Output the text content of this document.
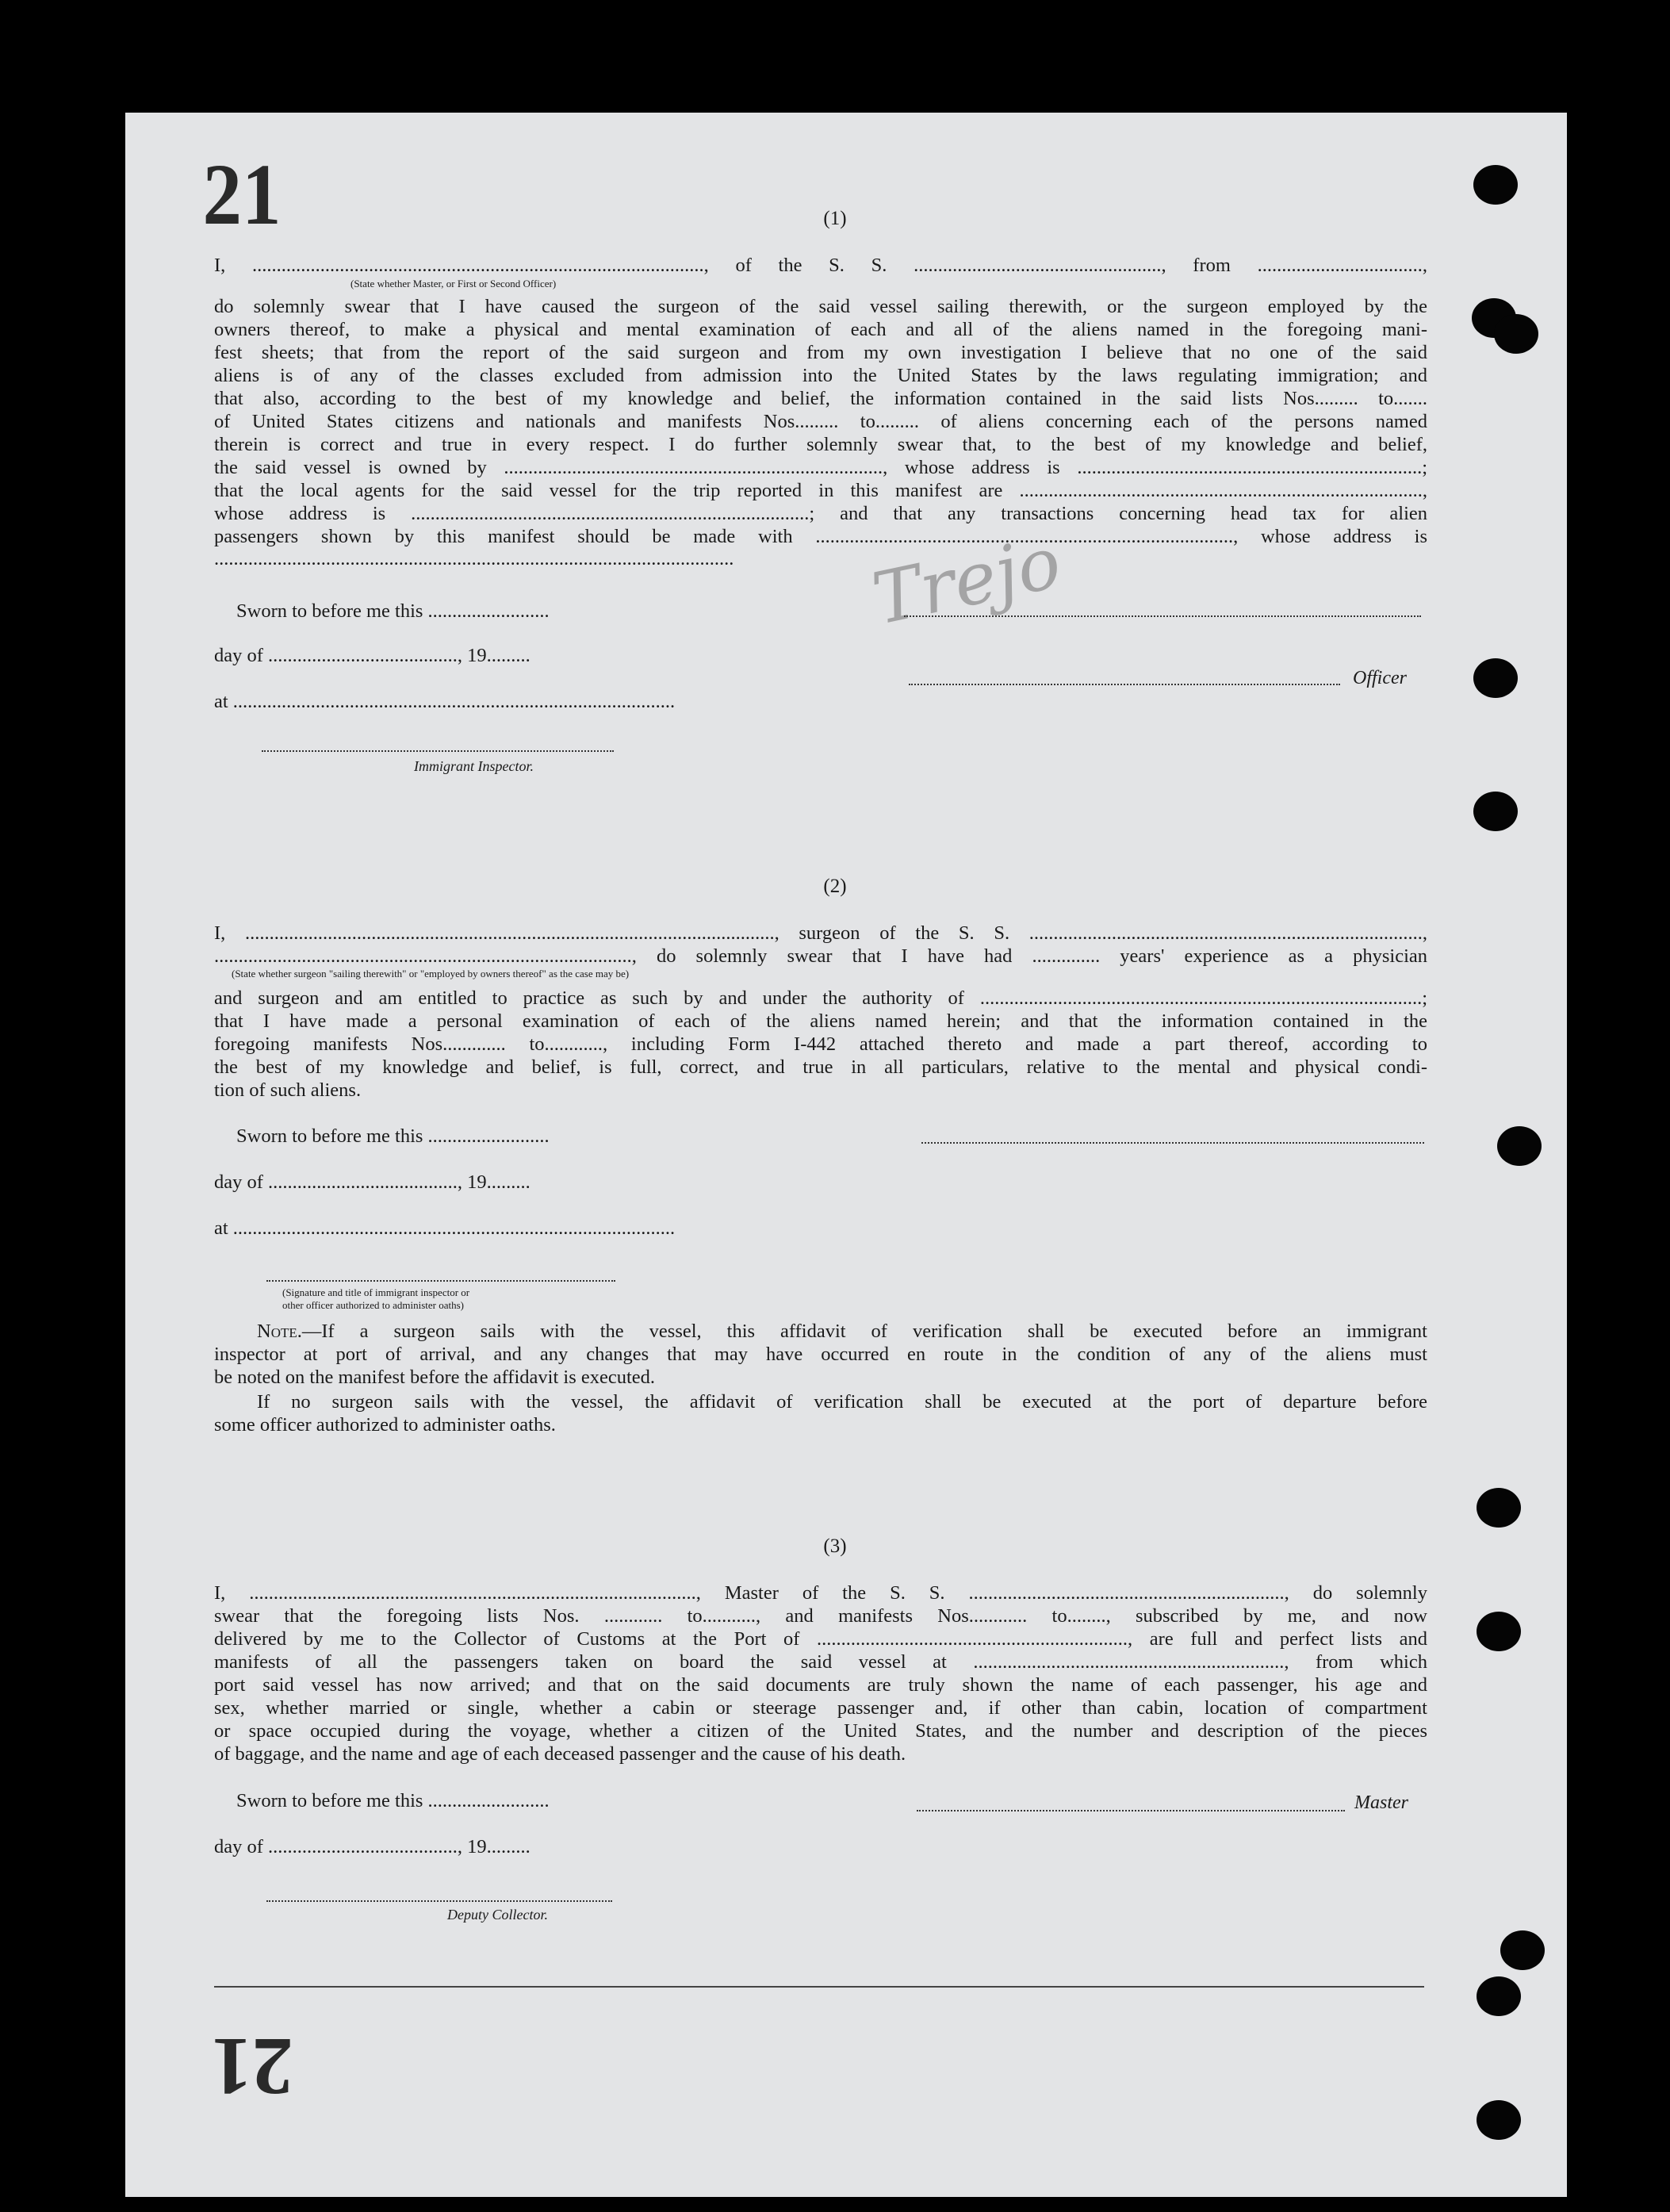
21
21
(1)
I, ............................................................................................., of the S. S. ..................................................., from ..................................,
(State whether Master, or First or Second Officer)
do solemnly swear that I have caused the surgeon of the said vessel sailing therewith, or the surgeon employed by the
owners thereof, to make a physical and mental examination of each and all of the aliens named in the foregoing mani-
fest sheets; that from the report of the said surgeon and from my own investigation I believe that no one of the said
aliens is of any of the classes excluded from admission into the United States by the laws regulating immigration; and
that also, according to the best of my knowledge and belief, the information contained in the said lists Nos......... to.......
of United States citizens and nationals and manifests Nos......... to......... of aliens concerning each of the persons named
therein is correct and true in every respect. I do further solemnly swear that, to the best of my knowledge and belief,
the said vessel is owned by .............................................................................., whose address is .......................................................................;
that the local agents for the said vessel for the trip reported in this manifest are ...................................................................................,
whose address is ..................................................................................; and that any transactions concerning head tax for alien
passengers shown by this manifest should be made with ......................................................................................, whose address is
...........................................................................................................	Trejo
Sworn to before me this .........................
day of ......................................., 19.........
Officer
at ...........................................................................................
Immigrant Inspector.
(2)
I, ............................................................................................................., surgeon of the S. S. .................................................................................,
......................................................................................, do solemnly swear that I have had .............. years' experience as a physician
(State whether surgeon "sailing therewith" or "employed by owners thereof" as the case may be)
and surgeon and am entitled to practice as such by and under the authority of ...........................................................................................;
that I have made a personal examination of each of the aliens named herein; and that the information contained in the
foregoing manifests Nos............. to............, including Form I-442 attached thereto and made a part thereof, according to
the best of my knowledge and belief, is full, correct, and true in all particulars, relative to the mental and physical condi-
tion of such aliens.
Sworn to before me this .........................
day of ......................................., 19.........
at ...........................................................................................
(Signature and title of immigrant inspector or
other officer authorized to administer oaths)
Note.—If a surgeon sails with the vessel, this affidavit of verification shall be executed before an immigrant
inspector at port of arrival, and any changes that may have occurred en route in the condition of any of the aliens must
be noted on the manifest before the affidavit is executed.
If no surgeon sails with the vessel, the affidavit of verification shall be executed at the port of departure before
some officer authorized to administer oaths.
(3)
I, ............................................................................................, Master of the S. S. ................................................................., do solemnly
swear that the foregoing lists Nos. ............ to..........., and manifests Nos............ to........, subscribed by me, and now
delivered by me to the Collector of Customs at the Port of ................................................................, are full and perfect lists and
manifests of all the passengers taken on board the said vessel at ................................................................, from which
port said vessel has now arrived; and that on the said documents are truly shown the name of each passenger, his age and
sex, whether married or single, whether a cabin or steerage passenger and, if other than cabin, location of compartment
or space occupied during the voyage, whether a citizen of the United States, and the number and description of the pieces
of baggage, and the name and age of each deceased passenger and the cause of his death.
Sworn to before me this .........................	Master
day of ......................................., 19.........
Deputy Collector.
